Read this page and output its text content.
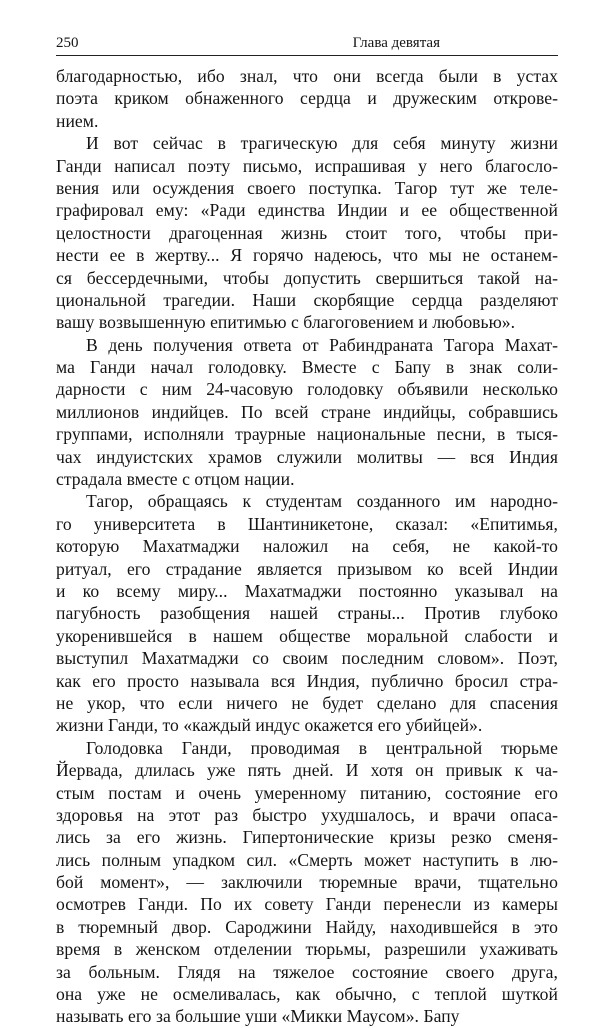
250	Глава девятая
благодарностью, ибо знал, что они всегда были в устах
поэта криком обнаженного сердца и дружеским открове-
нием.
И вот сейчас в трагическую для себя минуту жизни
Ганди написал поэту письмо, испрашивая у него благосло-
вения или осуждения своего поступка. Тагор тут же теле-
графировал ему: «Ради единства Индии и ее общественной
целостности драгоценная жизнь стоит того, чтобы при-
нести ее в жертву... Я горячо надеюсь, что мы не останем-
ся бессердечными, чтобы допустить свершиться такой на-
циональной трагедии. Наши скорбящие сердца разделяют
вашу возвышенную епитимью с благоговением и любовью».
В день получения ответа от Рабиндраната Тагора Махат-
ма Ганди начал голодовку. Вместе с Бапу в знак соли-
дарности с ним 24-часовую голодовку объявили несколько
миллионов индийцев. По всей стране индийцы, собравшись
группами, исполняли траурные национальные песни, в тыся-
чах индуистских храмов служили молитвы — вся Индия
страдала вместе с отцом нации.
Тагор, обращаясь к студентам созданного им народно-
го университета в Шантиникетоне, сказал: «Епитимья,
которую Махатмаджи наложил на себя, не какой-то
ритуал, его страдание является призывом ко всей Индии
и ко всему миру... Махатмаджи постоянно указывал на
пагубность разобщения нашей страны... Против глубоко
укоренившейся в нашем обществе моральной слабости и
выступил Махатмаджи со своим последним словом». Поэт,
как его просто называла вся Индия, публично бросил стра-
не укор, что если ничего не будет сделано для спасения
жизни Ганди, то «каждый индус окажется его убийцей».
Голодовка Ганди, проводимая в центральной тюрьме
Йервада, длилась уже пять дней. И хотя он привык к ча-
стым постам и очень умеренному питанию, состояние его
здоровья на этот раз быстро ухудшалось, и врачи опаса-
лись за его жизнь. Гипертонические кризы резко сменя-
лись полным упадком сил. «Смерть может наступить в лю-
бой момент», — заключили тюремные врачи, тщательно
осмотрев Ганди. По их совету Ганди перенесли из камеры
в тюремный двор. Сароджини Найду, находившейся в это
время в женском отделении тюрьмы, разрешили ухаживать
за больным. Глядя на тяжелое состояние своего друга,
она уже не осмеливалась, как обычно, с теплой шуткой
называть его за большие уши «Микки Маусом». Бапу
